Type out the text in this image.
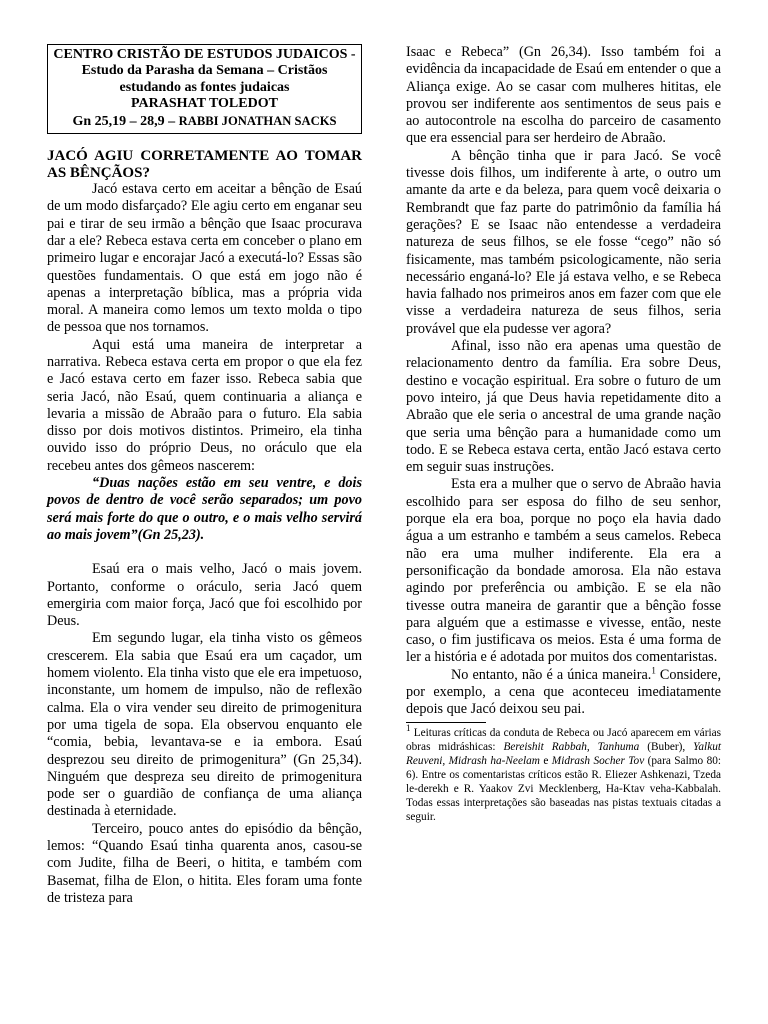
CENTRO CRISTÃO DE ESTUDOS JUDAICOS - Estudo da Parasha da Semana – Cristãos estudando as fontes judaicas
PARASHAT TOLEDOT
Gn 25,19 – 28,9 – RABBI JONATHAN SACKS
JACÓ AGIU CORRETAMENTE AO TOMAR AS BÊNÇÃOS?

Jacó estava certo em aceitar a bênção de Esaú de um modo disfarçado? Ele agiu certo em enganar seu pai e tirar de seu irmão a bênção que Isaac procurava dar a ele? Rebeca estava certa em conceber o plano em primeiro lugar e encorajar Jacó a executá-lo? Essas são questões fundamentais. O que está em jogo não é apenas a interpretação bíblica, mas a própria vida moral. A maneira como lemos um texto molda o tipo de pessoa que nos tornamos.

Aqui está uma maneira de interpretar a narrativa. Rebeca estava certa em propor o que ela fez e Jacó estava certo em fazer isso. Rebeca sabia que seria Jacó, não Esaú, quem continuaria a aliança e levaria a missão de Abraão para o futuro. Ela sabia disso por dois motivos distintos. Primeiro, ela tinha ouvido isso do próprio Deus, no oráculo que ela recebeu antes dos gêmeos nascerem:

“Duas nações estão em seu ventre, e dois povos de dentro de você serão separados; um povo será mais forte do que o outro, e o mais velho servirá ao mais jovem”(Gn 25,23).

Esaú era o mais velho, Jacó o mais jovem. Portanto, conforme o oráculo, seria Jacó quem emergiria com maior força, Jacó que foi escolhido por Deus.

Em segundo lugar, ela tinha visto os gêmeos crescerem. Ela sabia que Esaú era um caçador, um homem violento. Ela tinha visto que ele era impetuoso, inconstante, um homem de impulso, não de reflexão calma. Ela o vira vender seu direito de primogenitura por uma tigela de sopa. Ela observou enquanto ele “comia, bebia, levantava-se e ia embora. Esaú desprezou seu direito de primogenitura” (Gn 25,34). Ninguém que despreza seu direito de primogenitura pode ser o guardião de confiança de uma aliança destinada à eternidade.

Terceiro, pouco antes do episódio da bênção, lemos: “Quando Esaú tinha quarenta anos, casou-se com Judite, filha de Beeri, o hitita, e também com Basemat, filha de Elon, o hitita. Eles foram uma fonte de tristeza para

Isaac e Rebeca” (Gn 26,34). Isso também foi a evidência da incapacidade de Esaú em entender o que a Aliança exige. Ao se casar com mulheres hititas, ele provou ser indiferente aos sentimentos de seus pais e ao autocontrole na escolha do parceiro de casamento que era essencial para ser herdeiro de Abraão.

A bênção tinha que ir para Jacó. Se você tivesse dois filhos, um indiferente à arte, o outro um amante da arte e da beleza, para quem você deixaria o Rembrandt que faz parte do patrimônio da família há gerações? E se Isaac não entendesse a verdadeira natureza de seus filhos, se ele fosse “cego” não só fisicamente, mas também psicologicamente, não seria necessário enganá-lo? Ele já estava velho, e se Rebeca havia falhado nos primeiros anos em fazer com que ele visse a verdadeira natureza de seus filhos, seria provável que ela pudesse ver agora?

Afinal, isso não era apenas uma questão de relacionamento dentro da família. Era sobre Deus, destino e vocação espiritual. Era sobre o futuro de um povo inteiro, já que Deus havia repetidamente dito a Abraão que ele seria o ancestral de uma grande nação que seria uma bênção para a humanidade como um todo. E se Rebeca estava certa, então Jacó estava certo em seguir suas instruções.

Esta era a mulher que o servo de Abraão havia escolhido para ser esposa do filho de seu senhor, porque ela era boa, porque no poço ela havia dado água a um estranho e também a seus camelos. Rebeca não era uma mulher indiferente. Ela era a personificação da bondade amorosa. Ela não estava agindo por preferência ou ambição. E se ela não tivesse outra maneira de garantir que a bênção fosse para alguém que a estimasse e vivesse, então, neste caso, o fim justificava os meios. Esta é uma forma de ler a história e é adotada por muitos dos comentaristas.

No entanto, não é a única maneira.$^1$ Considere, por exemplo, a cena que aconteceu imediatamente depois que Jacó deixou seu pai.

$^1$ Leituras críticas da conduta de Rebeca ou Jacó aparecem em várias obras midráshicas: Bereishit Rabbah, Tanhuma (Buber), Yalkut Reuveni, Midrash ha-Neelam e Midrash Socher Tov (para Salmo 80: 6). Entre os comentaristas críticos estão R. Eliezer Ashkenazi, Tzeda le-derekh e R. Yaakov Zvi Mecklenberg, Ha-Ktav veha-Kabbalah. Todas essas interpretações são baseadas nas pistas textuais citadas a seguir.
